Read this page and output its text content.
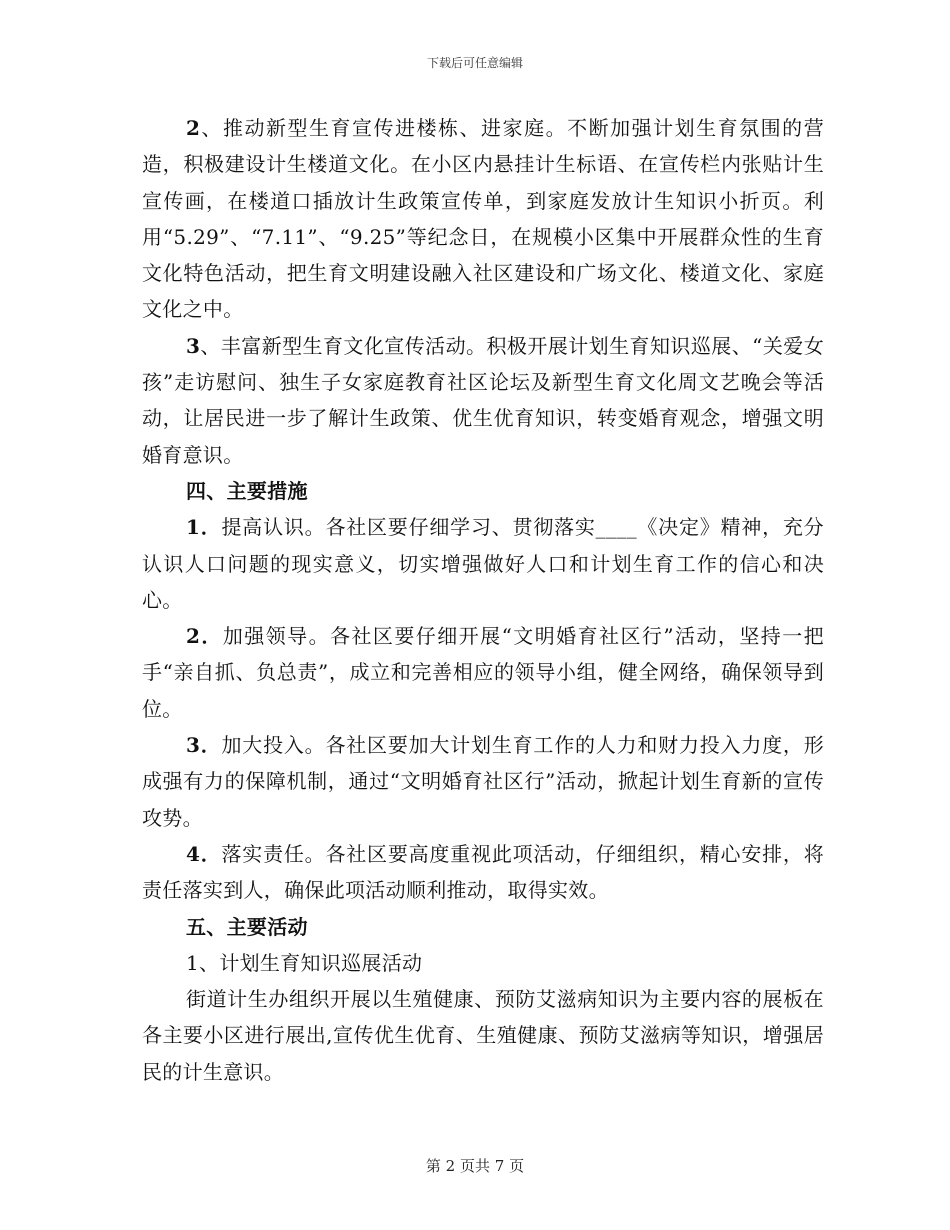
下载后可任意编辑

2、推动新型生育宣传进楼栋、进家庭。不断加强计划生育氛围的营造，积极建设计生楼道文化。在小区内悬挂计生标语、在宣传栏内张贴计生宣传画，在楼道口插放计生政策宣传单，到家庭发放计生知识小折页。利用“5.29”、“7.11”、“9.25”等纪念日，在规模小区集中开展群众性的生育文化特色活动，把生育文明建设融入社区建设和广场文化、楼道文化、家庭文化之中。

3、丰富新型生育文化宣传活动。积极开展计划生育知识巡展、“关爱女孩”走访慰问、独生子女家庭教育社区论坛及新型生育文化周文艺晚会等活动，让居民进一步了解计生政策、优生优育知识，转变婚育观念，增强文明婚育意识。

四、主要措施

1．提高认识。各社区要仔细学习、贯彻落实____《决定》精神，充分认识人口问题的现实意义，切实增强做好人口和计划生育工作的信心和决心。

2．加强领导。各社区要仔细开展“文明婚育社区行”活动，坚持一把手“亲自抓、负总责”，成立和完善相应的领导小组，健全网络，确保领导到位。

3．加大投入。各社区要加大计划生育工作的人力和财力投入力度，形成强有力的保障机制，通过“文明婚育社区行”活动，掀起计划生育新的宣传攻势。

4．落实责任。各社区要高度重视此项活动，仔细组织，精心安排，将责任落实到人，确保此项活动顺利推动，取得实效。

五、主要活动

1、计划生育知识巡展活动

街道计生办组织开展以生殖健康、预防艾滋病知识为主要内容的展板在各主要小区进行展出,宣传优生优育、生殖健康、预防艾滋病等知识，增强居民的计生意识。

第 2 页共 7 页
